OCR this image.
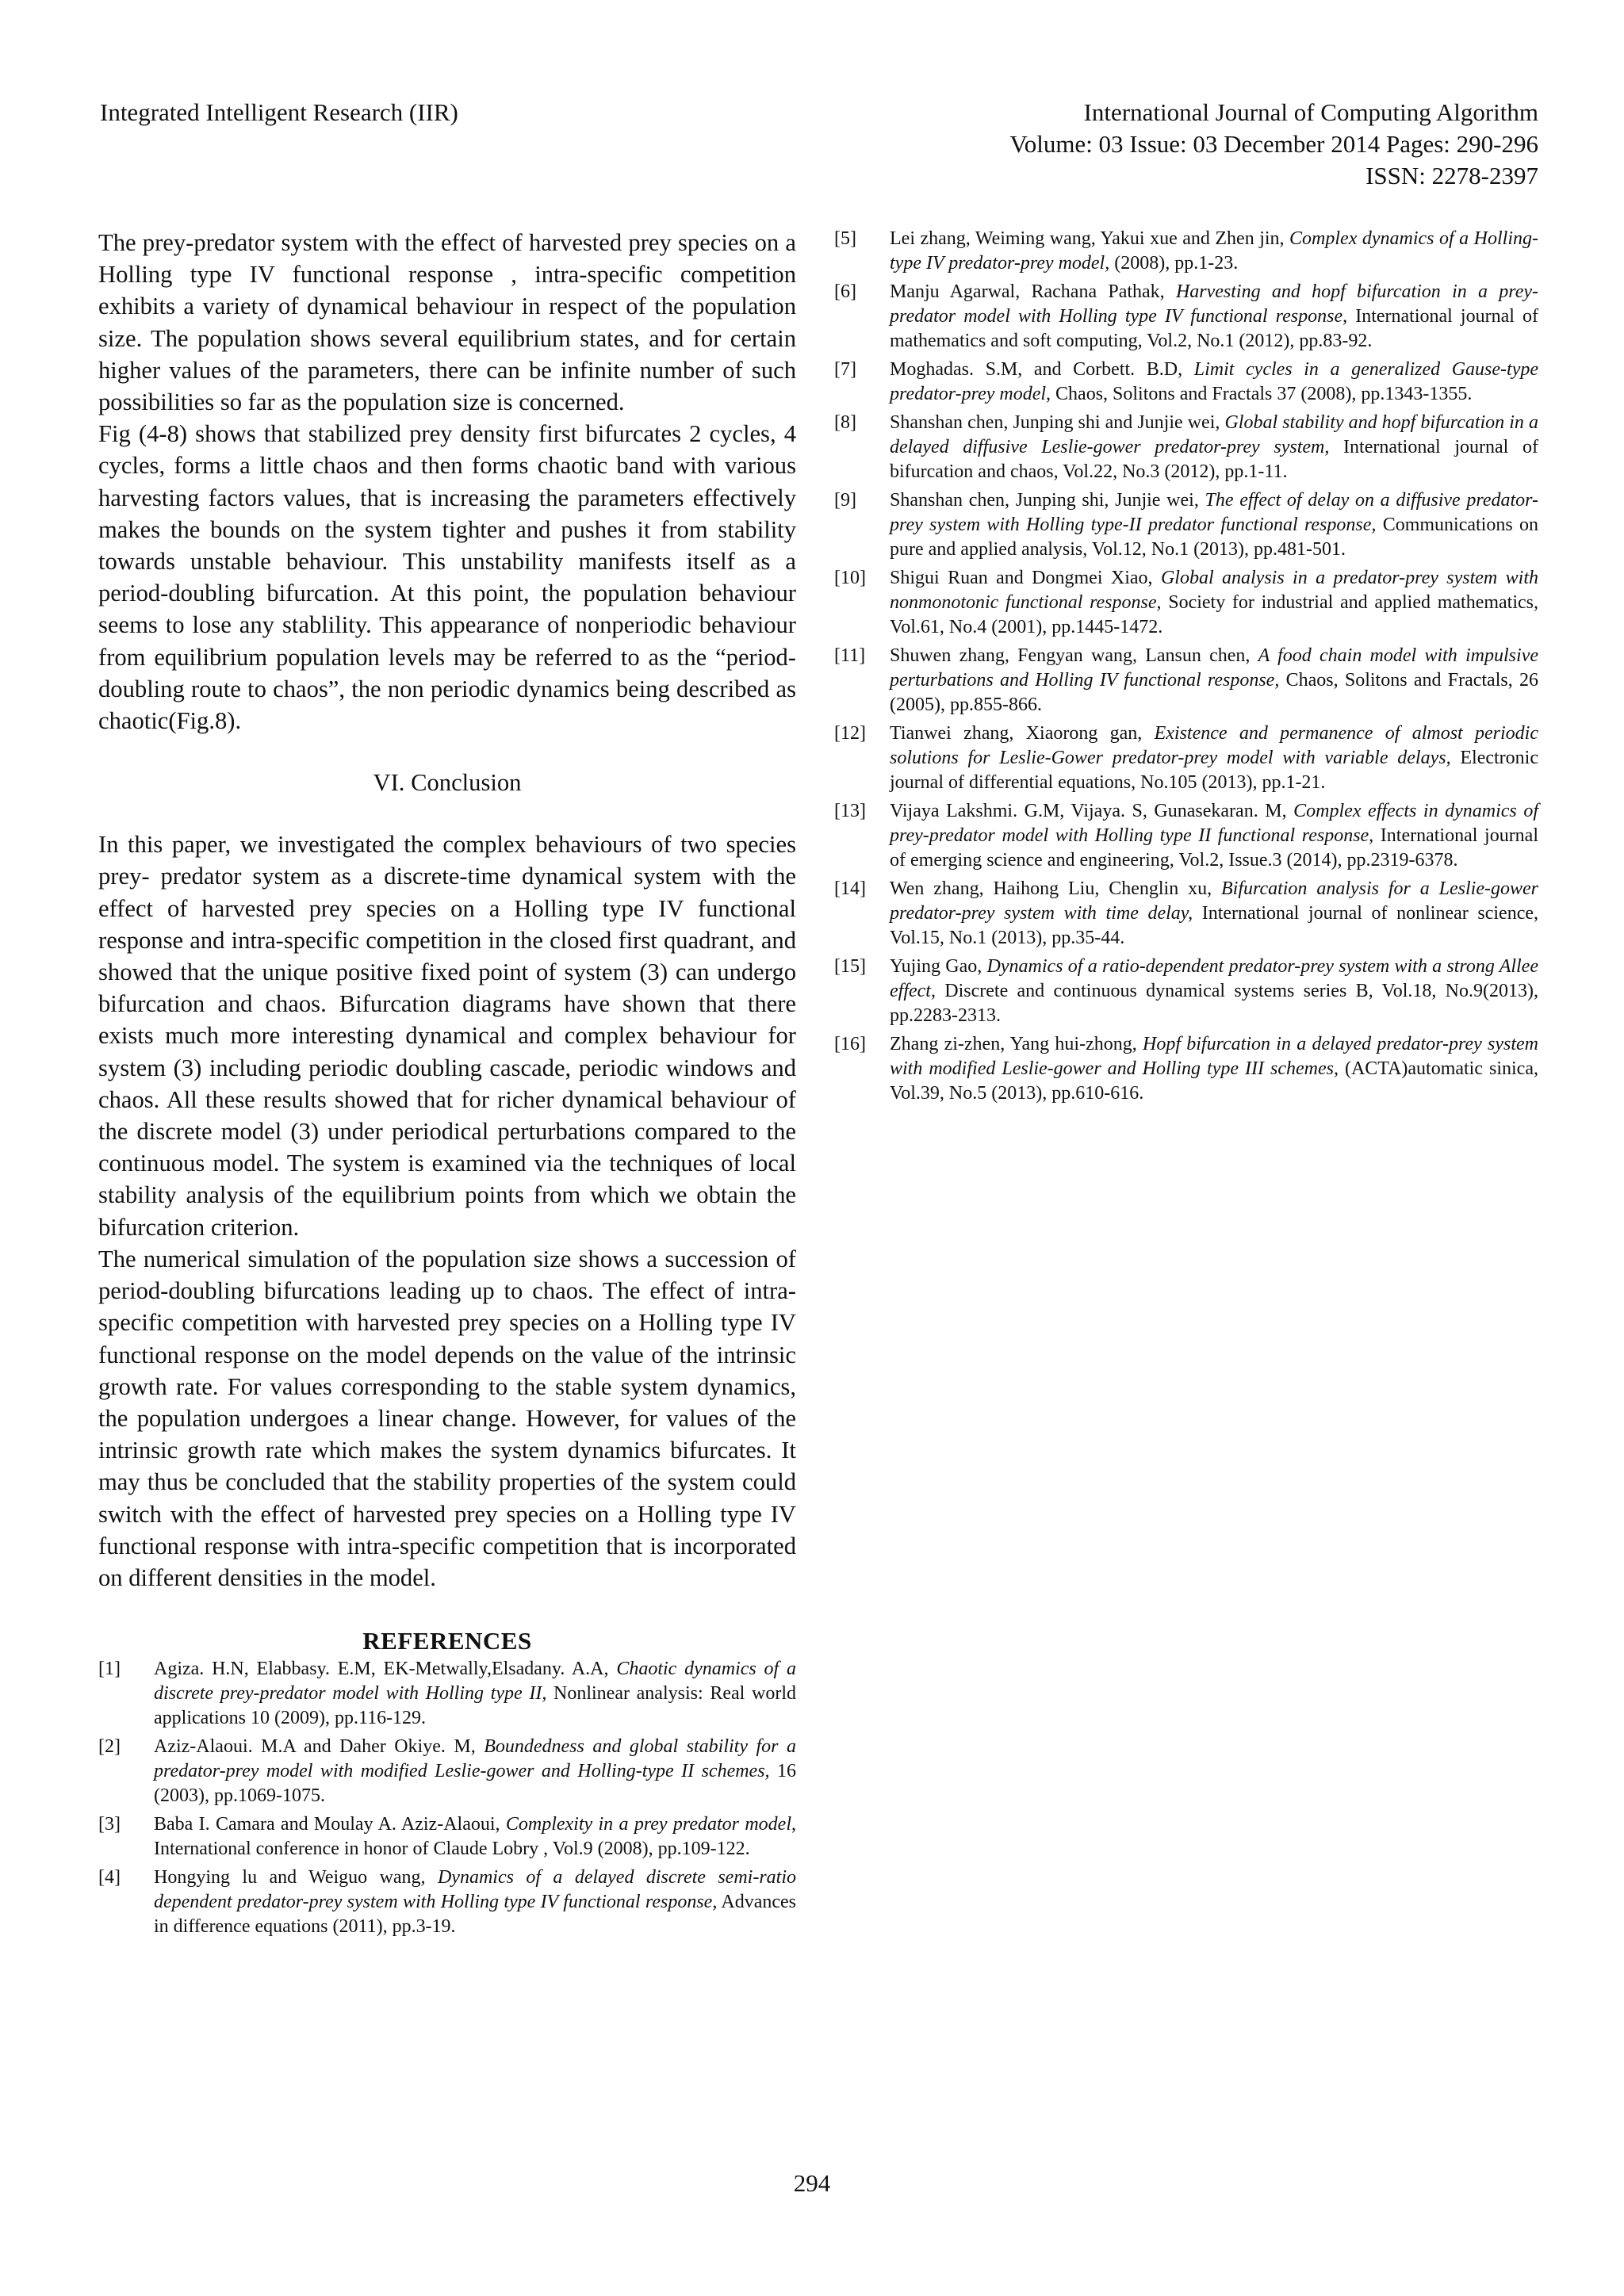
Integrated Intelligent Research (IIR)	International Journal of Computing Algorithm
Volume: 03 Issue: 03 December 2014 Pages: 290-296
ISSN: 2278-2397

The prey-predator system with the effect of harvested prey species on a Holling type IV functional response , intra-specific competition exhibits a variety of dynamical behaviour in respect of the population size. The population shows several equilibrium states, and for certain higher values of the parameters, there can be infinite number of such possibilities so far as the population size is concerned.

Fig (4-8) shows that stabilized prey density first bifurcates 2 cycles, 4 cycles, forms a little chaos and then forms chaotic band with various harvesting factors values, that is increasing the parameters effectively makes the bounds on the system tighter and pushes it from stability towards unstable behaviour. This unstability manifests itself as a period-doubling bifurcation. At this point, the population behaviour seems to lose any stablility. This appearance of nonperiodic behaviour from equilibrium population levels may be referred to as the “period-doubling route to chaos”, the non periodic dynamics being described as chaotic(Fig.8).

VI. Conclusion

In this paper, we investigated the complex behaviours of two species prey- predator system as a discrete-time dynamical system with the effect of harvested prey species on a Holling type IV functional response and intra-specific competition in the closed first quadrant, and showed that the unique positive fixed point of system (3) can undergo bifurcation and chaos. Bifurcation diagrams have shown that there exists much more interesting dynamical and complex behaviour for system (3) including periodic doubling cascade, periodic windows and chaos. All these results showed that for richer dynamical behaviour of the discrete model (3) under periodical perturbations compared to the continuous model. The system is examined via the techniques of local stability analysis of the equilibrium points from which we obtain the bifurcation criterion.

The numerical simulation of the population size shows a succession of period-doubling bifurcations leading up to chaos. The effect of intra-specific competition with harvested prey species on a Holling type IV functional response on the model depends on the value of the intrinsic growth rate. For values corresponding to the stable system dynamics, the population undergoes a linear change. However, for values of the intrinsic growth rate which makes the system dynamics bifurcates. It may thus be concluded that the stability properties of the system could switch with the effect of harvested prey species on a Holling type IV functional response with intra-specific competition that is incorporated on different densities in the model.

REFERENCES
[1]	Agiza. H.N, Elabbasy. E.M, EK-Metwally,Elsadany. A.A, Chaotic dynamics of a discrete prey-predator model with Holling type II, Nonlinear analysis: Real world applications 10 (2009), pp.116-129.
[2]	Aziz-Alaoui. M.A and Daher Okiye. M, Boundedness and global stability for a predator-prey model with modified Leslie-gower and Holling-type II schemes, 16 (2003), pp.1069-1075.
[3]	Baba I. Camara and Moulay A. Aziz-Alaoui, Complexity in a prey predator model, International conference in honor of Claude Lobry , Vol.9 (2008), pp.109-122.
[4]	Hongying lu and Weiguo wang, Dynamics of a delayed discrete semi-ratio dependent predator-prey system with Holling type IV functional response, Advances in difference equations (2011), pp.3-19.
[5]	Lei zhang, Weiming wang, Yakui xue and Zhen jin, Complex dynamics of a Holling-type IV predator-prey model, (2008), pp.1-23.
[6]	Manju Agarwal, Rachana Pathak, Harvesting and hopf bifurcation in a prey-predator model with Holling type IV functional response, International journal of mathematics and soft computing, Vol.2, No.1 (2012), pp.83-92.
[7]	Moghadas. S.M, and Corbett. B.D, Limit cycles in a generalized Gause-type predator-prey model, Chaos, Solitons and Fractals 37 (2008), pp.1343-1355.
[8]	Shanshan chen, Junping shi and Junjie wei, Global stability and hopf bifurcation in a delayed diffusive Leslie-gower predator-prey system, International journal of bifurcation and chaos, Vol.22, No.3 (2012), pp.1-11.
[9]	Shanshan chen, Junping shi, Junjie wei, The effect of delay on a diffusive predator-prey system with Holling type-II predator functional response, Communications on pure and applied analysis, Vol.12, No.1 (2013), pp.481-501.
[10]	Shigui Ruan and Dongmei Xiao, Global analysis in a predator-prey system with nonmonotonic functional response, Society for industrial and applied mathematics, Vol.61, No.4 (2001), pp.1445-1472.
[11]	Shuwen zhang, Fengyan wang, Lansun chen, A food chain model with impulsive perturbations and Holling IV functional response, Chaos, Solitons and Fractals, 26 (2005), pp.855-866.
[12]	Tianwei zhang, Xiaorong gan, Existence and permanence of almost periodic solutions for Leslie-Gower predator-prey model with variable delays, Electronic journal of differential equations, No.105 (2013), pp.1-21.
[13]	Vijaya Lakshmi. G.M, Vijaya. S, Gunasekaran. M, Complex effects in dynamics of prey-predator model with Holling type II functional response, International journal of emerging science and engineering, Vol.2, Issue.3 (2014), pp.2319-6378.
[14]	Wen zhang, Haihong Liu, Chenglin xu, Bifurcation analysis for a Leslie-gower predator-prey system with time delay, International journal of nonlinear science, Vol.15, No.1 (2013), pp.35-44.
[15]	Yujing Gao, Dynamics of a ratio-dependent predator-prey system with a strong Allee effect, Discrete and continuous dynamical systems series B, Vol.18, No.9(2013), pp.2283-2313.
[16]	Zhang zi-zhen, Yang hui-zhong, Hopf bifurcation in a delayed predator-prey system with modified Leslie-gower and Holling type III schemes, (ACTA)automatic sinica, Vol.39, No.5 (2013), pp.610-616.
294
